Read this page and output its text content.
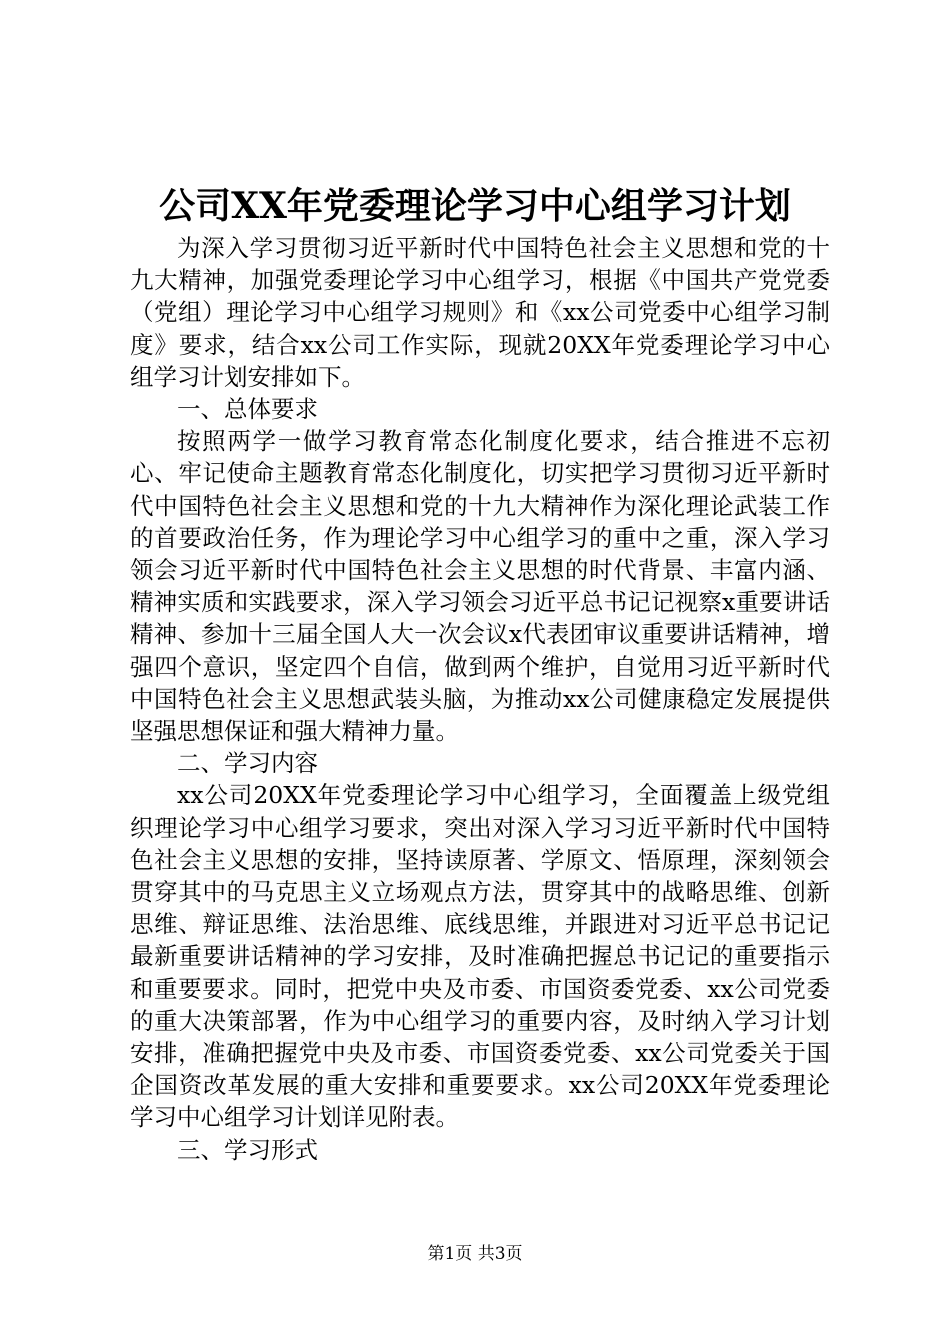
公司XX年党委理论学习中心组学习计划

为深入学习贯彻习近平新时代中国特色社会主义思想和党的十九大精神，加强党委理论学习中心组学习，根据《中国共产党党委（党组）理论学习中心组学习规则》和《xx公司党委中心组学习制度》要求，结合xx公司工作实际，现就20XX年党委理论学习中心组学习计划安排如下。

一、总体要求

按照两学一做学习教育常态化制度化要求，结合推进不忘初心、牢记使命主题教育常态化制度化，切实把学习贯彻习近平新时代中国特色社会主义思想和党的十九大精神作为深化理论武装工作的首要政治任务，作为理论学习中心组学习的重中之重，深入学习领会习近平新时代中国特色社会主义思想的时代背景、丰富内涵、精神实质和实践要求，深入学习领会习近平总书记记视察x重要讲话精神、参加十三届全国人大一次会议x代表团审议重要讲话精神，增强四个意识，坚定四个自信，做到两个维护，自觉用习近平新时代中国特色社会主义思想武装头脑，为推动xx公司健康稳定发展提供坚强思想保证和强大精神力量。

二、学习内容

xx公司20XX年党委理论学习中心组学习，全面覆盖上级党组织理论学习中心组学习要求，突出对深入学习习近平新时代中国特色社会主义思想的安排，坚持读原著、学原文、悟原理，深刻领会贯穿其中的马克思主义立场观点方法，贯穿其中的战略思维、创新思维、辩证思维、法治思维、底线思维，并跟进对习近平总书记记最新重要讲话精神的学习安排，及时准确把握总书记记的重要指示和重要要求。同时，把党中央及市委、市国资委党委、xx公司党委的重大决策部署，作为中心组学习的重要内容，及时纳入学习计划安排，准确把握党中央及市委、市国资委党委、xx公司党委关于国企国资改革发展的重大安排和重要要求。xx公司20XX年党委理论学习中心组学习计划详见附表。

三、学习形式

第1页 共3页
